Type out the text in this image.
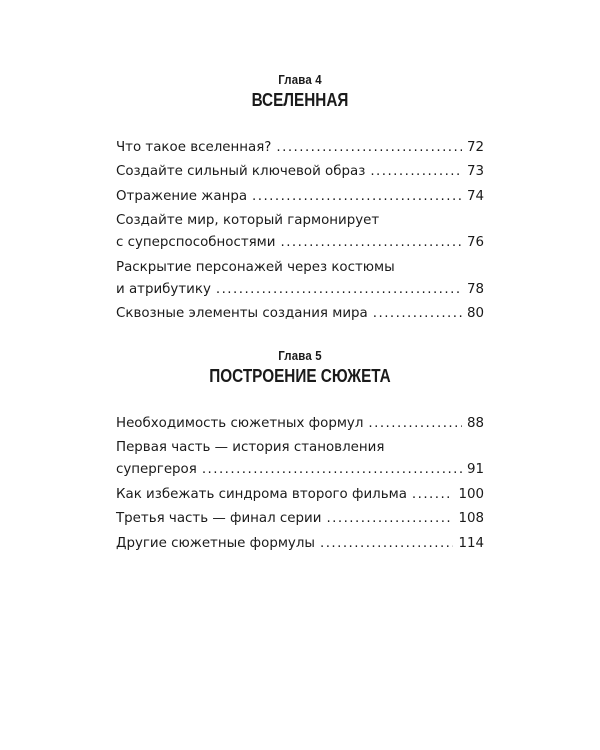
Глава 4
ВСЕЛЕННАЯ
Что такое вселенная? . . .	72
Создайте сильный ключевой образ . . .	73
Отражение жанра . . .	74
Создайте мир, который гармонирует
с суперспособностями . . .	76
Раскрытие персонажей через костюмы
и атрибутику . . .	78
Сквозные элементы создания мира . . .	80
Глава 5
ПОСТРОЕНИЕ СЮЖЕТА
Необходимость сюжетных формул . . .	88
Первая часть — история становления
супергероя . . .	91
Как избежать синдрома второго фильма . . .	100
Третья часть — финал серии . . .	108
Другие сюжетные формулы . . .	114
